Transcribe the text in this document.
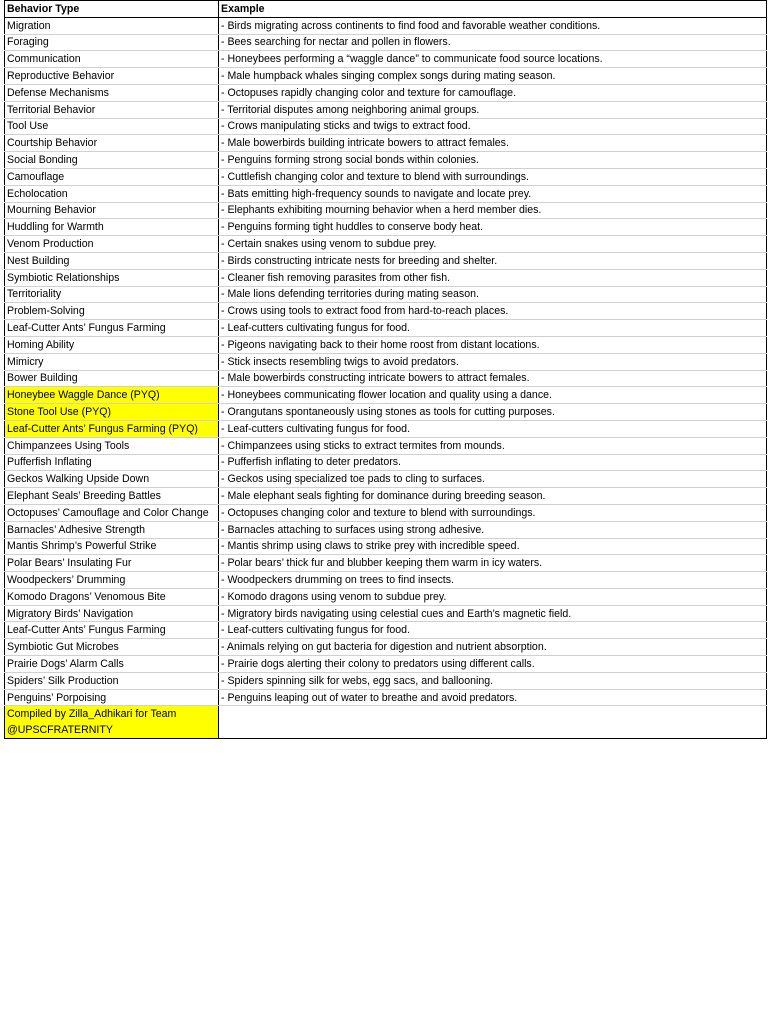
Behavior Type	Example
Migration	- Birds migrating across continents to find food and favorable weather conditions.
Foraging	- Bees searching for nectar and pollen in flowers.
Communication	- Honeybees performing a “waggle dance” to communicate food source locations.
Reproductive Behavior	- Male humpback whales singing complex songs during mating season.
Defense Mechanisms	- Octopuses rapidly changing color and texture for camouflage.
Territorial Behavior	- Territorial disputes among neighboring animal groups.
Tool Use	- Crows manipulating sticks and twigs to extract food.
Courtship Behavior	- Male bowerbirds building intricate bowers to attract females.
Social Bonding	- Penguins forming strong social bonds within colonies.
Camouflage	- Cuttlefish changing color and texture to blend with surroundings.
Echolocation	- Bats emitting high-frequency sounds to navigate and locate prey.
Mourning Behavior	- Elephants exhibiting mourning behavior when a herd member dies.
Huddling for Warmth	- Penguins forming tight huddles to conserve body heat.
Venom Production	- Certain snakes using venom to subdue prey.
Nest Building	- Birds constructing intricate nests for breeding and shelter.
Symbiotic Relationships	- Cleaner fish removing parasites from other fish.
Territoriality	- Male lions defending territories during mating season.
Problem-Solving	- Crows using tools to extract food from hard-to-reach places.
Leaf-Cutter Ants’ Fungus Farming	- Leaf-cutters cultivating fungus for food.
Homing Ability	- Pigeons navigating back to their home roost from distant locations.
Mimicry	- Stick insects resembling twigs to avoid predators.
Bower Building	- Male bowerbirds constructing intricate bowers to attract females.
Honeybee Waggle Dance (PYQ)	- Honeybees communicating flower location and quality using a dance.
Stone Tool Use (PYQ)	- Orangutans spontaneously using stones as tools for cutting purposes.
Leaf-Cutter Ants’ Fungus Farming (PYQ)	- Leaf-cutters cultivating fungus for food.
Chimpanzees Using Tools	- Chimpanzees using sticks to extract termites from mounds.
Pufferfish Inflating	- Pufferfish inflating to deter predators.
Geckos Walking Upside Down	- Geckos using specialized toe pads to cling to surfaces.
Elephant Seals’ Breeding Battles	- Male elephant seals fighting for dominance during breeding season.
Octopuses’ Camouflage and Color Change	- Octopuses changing color and texture to blend with surroundings.
Barnacles’ Adhesive Strength	- Barnacles attaching to surfaces using strong adhesive.
Mantis Shrimp’s Powerful Strike	- Mantis shrimp using claws to strike prey with incredible speed.
Polar Bears’ Insulating Fur	- Polar bears’ thick fur and blubber keeping them warm in icy waters.
Woodpeckers’ Drumming	- Woodpeckers drumming on trees to find insects.
Komodo Dragons’ Venomous Bite	- Komodo dragons using venom to subdue prey.
Migratory Birds’ Navigation	- Migratory birds navigating using celestial cues and Earth’s magnetic field.
Leaf-Cutter Ants’ Fungus Farming	- Leaf-cutters cultivating fungus for food.
Symbiotic Gut Microbes	- Animals relying on gut bacteria for digestion and nutrient absorption.
Prairie Dogs’ Alarm Calls	- Prairie dogs alerting their colony to predators using different calls.
Spiders’ Silk Production	- Spiders spinning silk for webs, egg sacs, and ballooning.
Penguins’ Porpoising	- Penguins leaping out of water to breathe and avoid predators.
Compiled by Zilla_Adhikari for Team @UPSCFRATERNITY	
